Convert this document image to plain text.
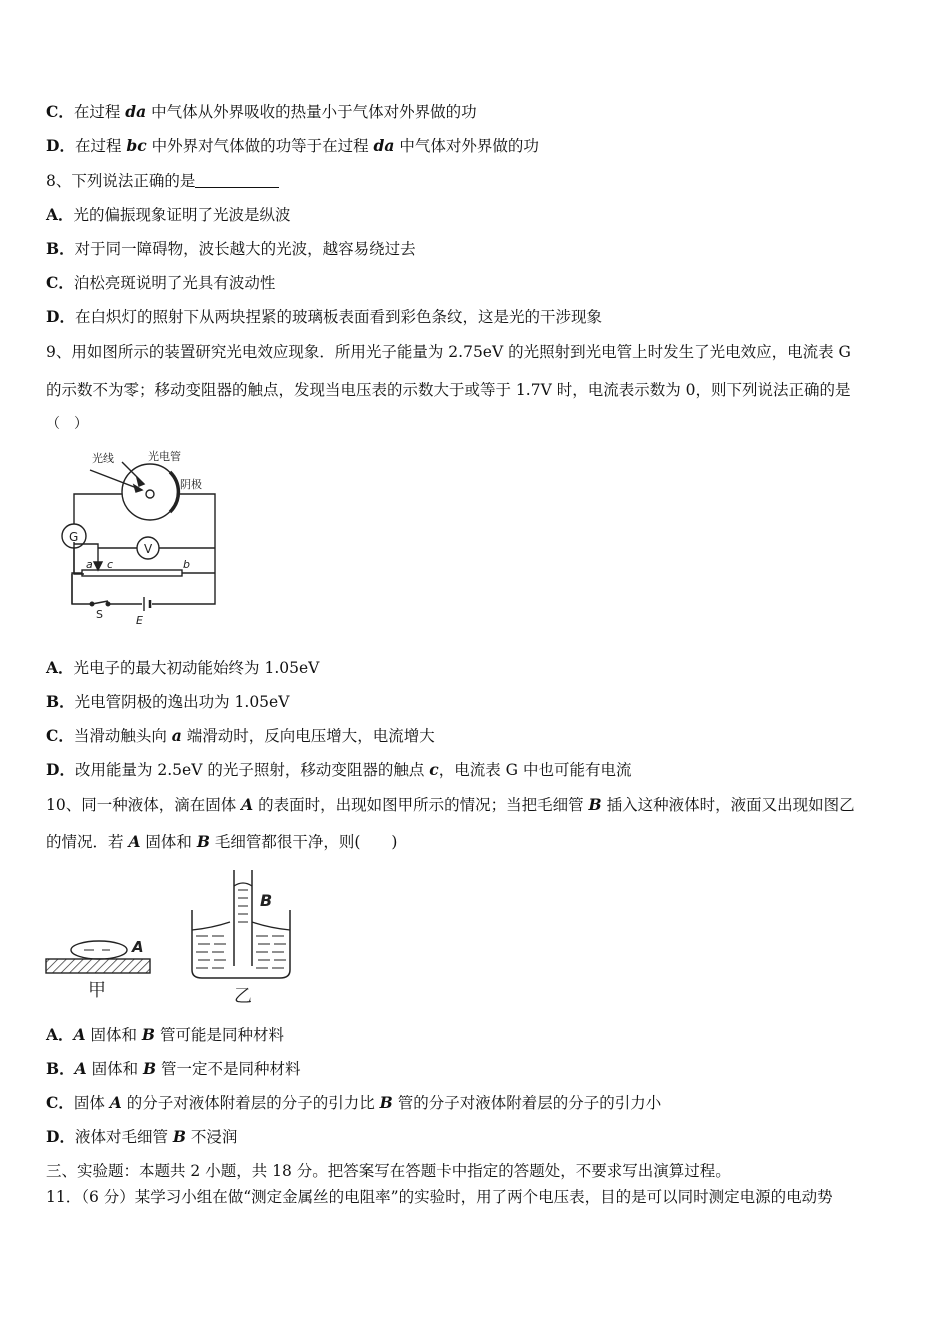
C．在过程 da 中气体从外界吸收的热量小于气体对外界做的功
D．在过程 bc 中外界对气体做的功等于在过程 da 中气体对外界做的功
8、下列说法正确的是
A．光的偏振现象证明了光波是纵波
B．对于同一障碍物，波长越大的光波，越容易绕过去
C．泊松亮斑说明了光具有波动性
D．在白炽灯的照射下从两块捏紧的玻璃板表面看到彩色条纹，这是光的干涉现象
9、用如图所示的装置研究光电效应现象．所用光子能量为 2.75eV 的光照射到光电管上时发生了光电效应，电流表 G
的示数不为零；移动变阻器的触点，发现当电压表的示数大于或等于 1.7V 时，电流表示数为 0，则下列说法正确的是
（　）
光线	光电管
阴极
G
V
a c	b
S	E
A．光电子的最大初动能始终为 1.05eV
B．光电管阴极的逸出功为 1.05eV
C．当滑动触头向 a 端滑动时，反向电压增大，电流增大
D．改用能量为 2.5eV 的光子照射，移动变阻器的触点 c，电流表 G 中也可能有电流
10、同一种液体，滴在固体 A 的表面时，出现如图甲所示的情况；当把毛细管 B 插入这种液体时，液面又出现如图乙
的情况．若 A 固体和 B 毛细管都很干净，则(　　)
A
甲
B
乙
A．A 固体和 B 管可能是同种材料
B．A 固体和 B 管一定不是同种材料
C．固体 A 的分子对液体附着层的分子的引力比 B 管的分子对液体附着层的分子的引力小
D．液体对毛细管 B 不浸润
三、实验题：本题共 2 小题，共 18 分。把答案写在答题卡中指定的答题处，不要求写出演算过程。
11．（6 分）某学习小组在做“测定金属丝的电阻率”的实验时，用了两个电压表，目的是可以同时测定电源的电动势
